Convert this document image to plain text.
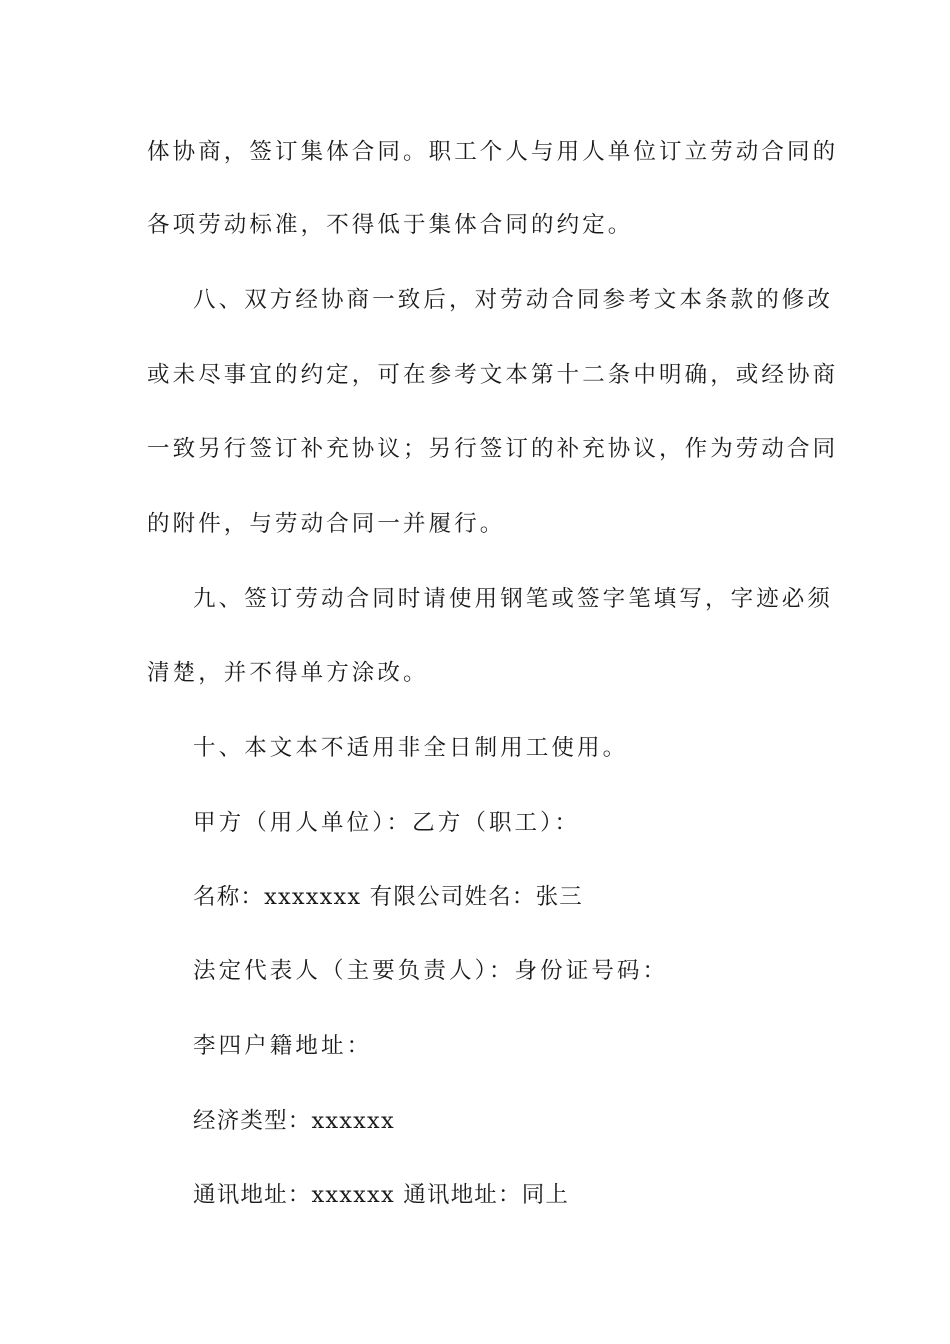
体协商，签订集体合同。职工个人与用人单位订立劳动合同的
各项劳动标准，不得低于集体合同的约定。
八、双方经协商一致后，对劳动合同参考文本条款的修改
或未尽事宜的约定，可在参考文本第十二条中明确，或经协商
一致另行签订补充协议；另行签订的补充协议，作为劳动合同
的附件，与劳动合同一并履行。
九、签订劳动合同时请使用钢笔或签字笔填写，字迹必须
清楚，并不得单方涂改。
十、本文本不适用非全日制用工使用。
甲方（用人单位）：乙方（职工）：
名称：xxxxxxx 有限公司姓名：张三
法定代表人（主要负责人）：身份证号码：
李四户籍地址：
经济类型：xxxxxx
通讯地址：xxxxxx 通讯地址：同上
